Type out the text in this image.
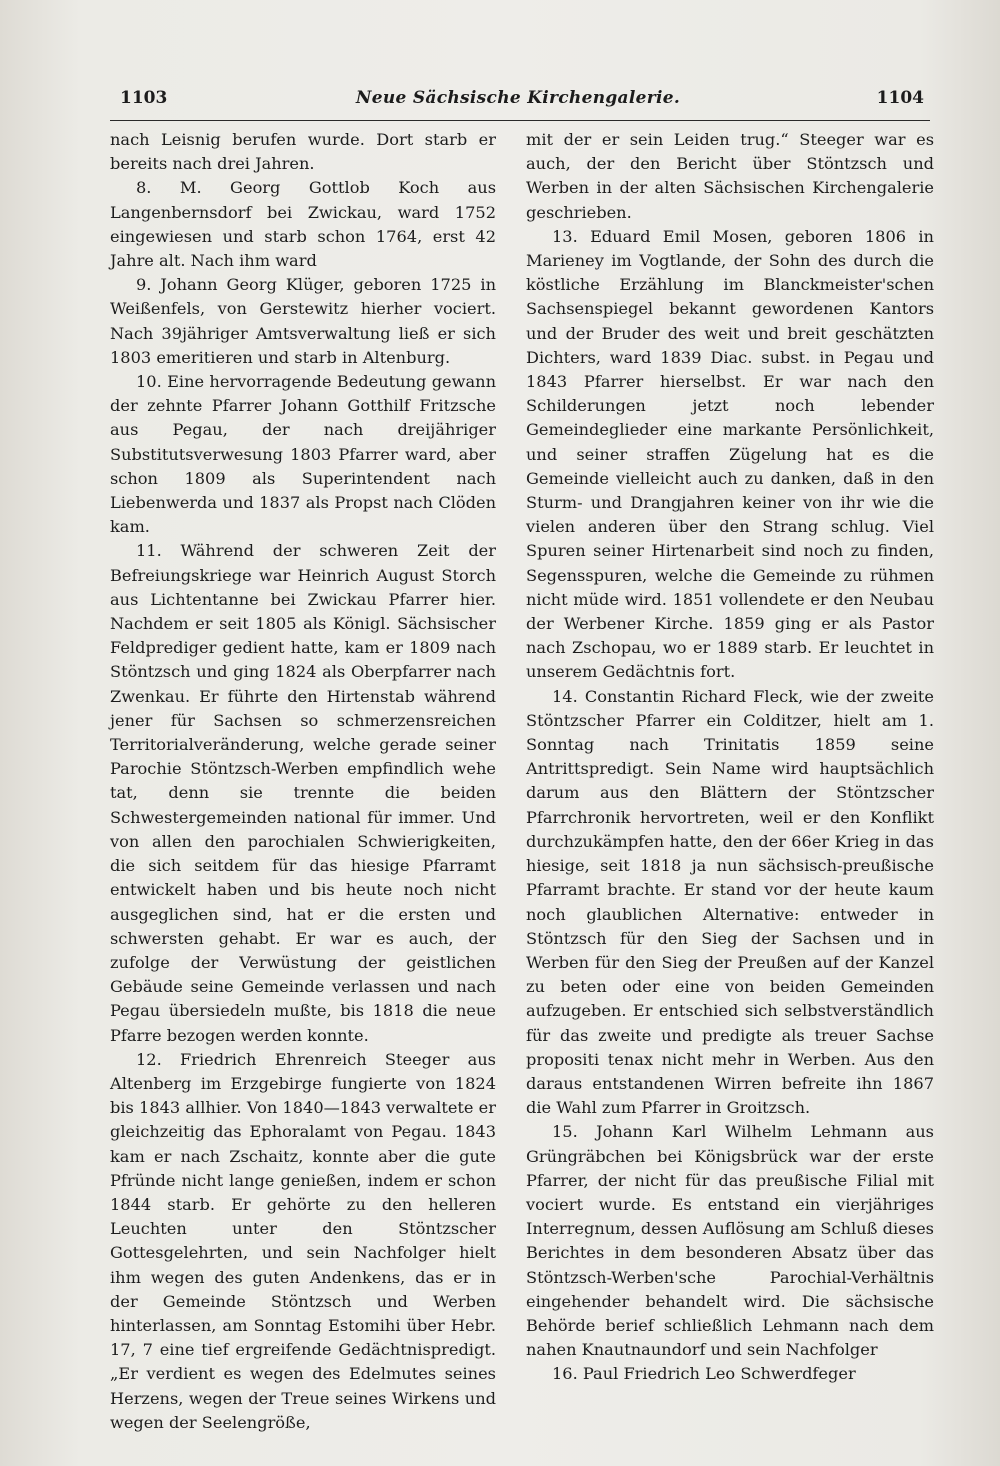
1103	Neue Sächsische Kirchengalerie.	1104

nach Leisnig berufen wurde. Dort starb er bereits nach drei Jahren.

8. M. Georg Gottlob Koch aus Langenbernsdorf bei Zwickau, ward 1752 eingewiesen und starb schon 1764, erst 42 Jahre alt. Nach ihm ward

9. Johann Georg Klüger, geboren 1725 in Weißenfels, von Gerstewitz hierher vociert. Nach 39jähriger Amtsverwaltung ließ er sich 1803 emeritieren und starb in Altenburg.

10. Eine hervorragende Bedeutung gewann der zehnte Pfarrer Johann Gotthilf Fritzsche aus Pegau, der nach dreijähriger Substitutsverwesung 1803 Pfarrer ward, aber schon 1809 als Superintendent nach Liebenwerda und 1837 als Propst nach Clöden kam.

11. Während der schweren Zeit der Befreiungskriege war Heinrich August Storch aus Lichtentanne bei Zwickau Pfarrer hier. Nachdem er seit 1805 als Königl. Sächsischer Feldprediger gedient hatte, kam er 1809 nach Stöntzsch und ging 1824 als Oberpfarrer nach Zwenkau. Er führte den Hirtenstab während jener für Sachsen so schmerzensreichen Territorialveränderung, welche gerade seiner Parochie Stöntzsch-Werben empfindlich wehe tat, denn sie trennte die beiden Schwestergemeinden national für immer. Und von allen den parochialen Schwierigkeiten, die sich seitdem für das hiesige Pfarramt entwickelt haben und bis heute noch nicht ausgeglichen sind, hat er die ersten und schwersten gehabt. Er war es auch, der zufolge der Verwüstung der geistlichen Gebäude seine Gemeinde verlassen und nach Pegau übersiedeln mußte, bis 1818 die neue Pfarre bezogen werden konnte.

12. Friedrich Ehrenreich Steeger aus Altenberg im Erzgebirge fungierte von 1824 bis 1843 allhier. Von 1840—1843 verwaltete er gleichzeitig das Ephoralamt von Pegau. 1843 kam er nach Zschaitz, konnte aber die gute Pfründe nicht lange genießen, indem er schon 1844 starb. Er gehörte zu den helleren Leuchten unter den Stöntzscher Gottesgelehrten, und sein Nachfolger hielt ihm wegen des guten Andenkens, das er in der Gemeinde Stöntzsch und Werben hinterlassen, am Sonntag Estomihi über Hebr. 17, 7 eine tief ergreifende Gedächtnispredigt. „Er verdient es wegen des Edelmutes seines Herzens, wegen der Treue seines Wirkens und wegen der Seelengröße,

mit der er sein Leiden trug.“ Steeger war es auch, der den Bericht über Stöntzsch und Werben in der alten Sächsischen Kirchengalerie geschrieben.

13. Eduard Emil Mosen, geboren 1806 in Marieney im Vogtlande, der Sohn des durch die köstliche Erzählung im Blanckmeister'schen Sachsenspiegel bekannt gewordenen Kantors und der Bruder des weit und breit geschätzten Dichters, ward 1839 Diac. subst. in Pegau und 1843 Pfarrer hierselbst. Er war nach den Schilderungen jetzt noch lebender Gemeindeglieder eine markante Persönlichkeit, und seiner straffen Zügelung hat es die Gemeinde vielleicht auch zu danken, daß in den Sturm- und Drangjahren keiner von ihr wie die vielen anderen über den Strang schlug. Viel Spuren seiner Hirtenarbeit sind noch zu finden, Segensspuren, welche die Gemeinde zu rühmen nicht müde wird. 1851 vollendete er den Neubau der Werbener Kirche. 1859 ging er als Pastor nach Zschopau, wo er 1889 starb. Er leuchtet in unserem Gedächtnis fort.

14. Constantin Richard Fleck, wie der zweite Stöntzscher Pfarrer ein Colditzer, hielt am 1. Sonntag nach Trinitatis 1859 seine Antrittspredigt. Sein Name wird hauptsächlich darum aus den Blättern der Stöntzscher Pfarrchronik hervortreten, weil er den Konflikt durchzukämpfen hatte, den der 66er Krieg in das hiesige, seit 1818 ja nun sächsisch-preußische Pfarramt brachte. Er stand vor der heute kaum noch glaublichen Alternative: entweder in Stöntzsch für den Sieg der Sachsen und in Werben für den Sieg der Preußen auf der Kanzel zu beten oder eine von beiden Gemeinden aufzugeben. Er entschied sich selbstverständlich für das zweite und predigte als treuer Sachse propositi tenax nicht mehr in Werben. Aus den daraus entstandenen Wirren befreite ihn 1867 die Wahl zum Pfarrer in Groitzsch.

15. Johann Karl Wilhelm Lehmann aus Grüngräbchen bei Königsbrück war der erste Pfarrer, der nicht für das preußische Filial mit vociert wurde. Es entstand ein vierjähriges Interregnum, dessen Auflösung am Schluß dieses Berichtes in dem besonderen Absatz über das Stöntzsch-Werben'sche Parochial-Verhältnis eingehender behandelt wird. Die sächsische Behörde berief schließlich Lehmann nach dem nahen Knautnaundorf und sein Nachfolger

16. Paul Friedrich Leo Schwerdfeger
